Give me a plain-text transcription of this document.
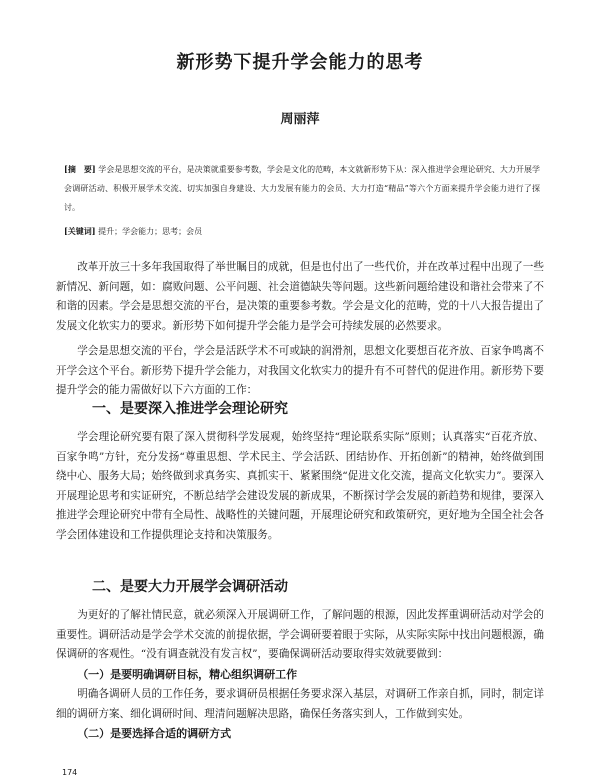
新形势下提升学会能力的思考
周丽萍
[摘　要] 学会是思想交流的平台，是决策就重要参考数，学会是文化的范畴，本文就新形势下从：深入推进学会理论研究、大力开展学会调研活动、积极开展学术交流、切实加强自身建设、大力发展有能力的会员、大力打造“精品”等六个方面来提升学会能力进行了探讨。
[关键词] 提升；学会能力；思考；会员

改革开放三十多年我国取得了举世瞩目的成就，但是也付出了一些代价，并在改革过程中出现了一些新情况、新问题，如：腐败问题、公平问题、社会道德缺失等问题。这些新问题给建设和谐社会带来了不和谐的因素。学会是思想交流的平台，是决策的重要参考数。学会是文化的范畴，党的十八大报告提出了发展文化软实力的要求。新形势下如何提升学会能力是学会可持续发展的必然要求。

学会是思想交流的平台，学会是活跃学术不可或缺的润滑剂，思想文化要想百花齐放、百家争鸣离不开学会这个平台。新形势下提升学会能力，对我国文化软实力的提升有不可替代的促进作用。新形势下要提升学会的能力需做好以下六方面的工作：

一、是要深入推进学会理论研究

学会理论研究要有限了深入贯彻科学发展观，始终坚持“理论联系实际”原则；认真落实“百花齐放、百家争鸣”方针，充分发扬“尊重思想、学术民主、学会活跃、团结协作、开拓创新”的精神，始终做到围绕中心、服务大局；始终做到求真务实、真抓实干、紧紧围绕“促进文化交流，提高文化软实力”。要深入开展理论思考和实证研究，不断总结学会建设发展的新成果，不断探讨学会发展的新趋势和规律，要深入推进学会理论研究中带有全局性、战略性的关键问题，开展理论研究和政策研究，更好地为全国全社会各学会团体建设和工作提供理论支持和决策服务。

二、是要大力开展学会调研活动

为更好的了解社情民意，就必须深入开展调研工作，了解问题的根源，因此发挥重调研活动对学会的重要性。调研活动是学会学术交流的前提依据，学会调研要着眼于实际，从实际实际中找出问题根源，确保调研的客观性。“没有调查就没有发言权”，要确保调研活动要取得实效就要做到：

（一）是要明确调研目标，精心组织调研工作

明确各调研人员的工作任务，要求调研员根据任务要求深入基层，对调研工作亲自抓，同时，制定详细的调研方案、细化调研时间、理清问题解决思路，确保任务落实到人，工作做到实处。

（二）是要选择合适的调研方式

174
